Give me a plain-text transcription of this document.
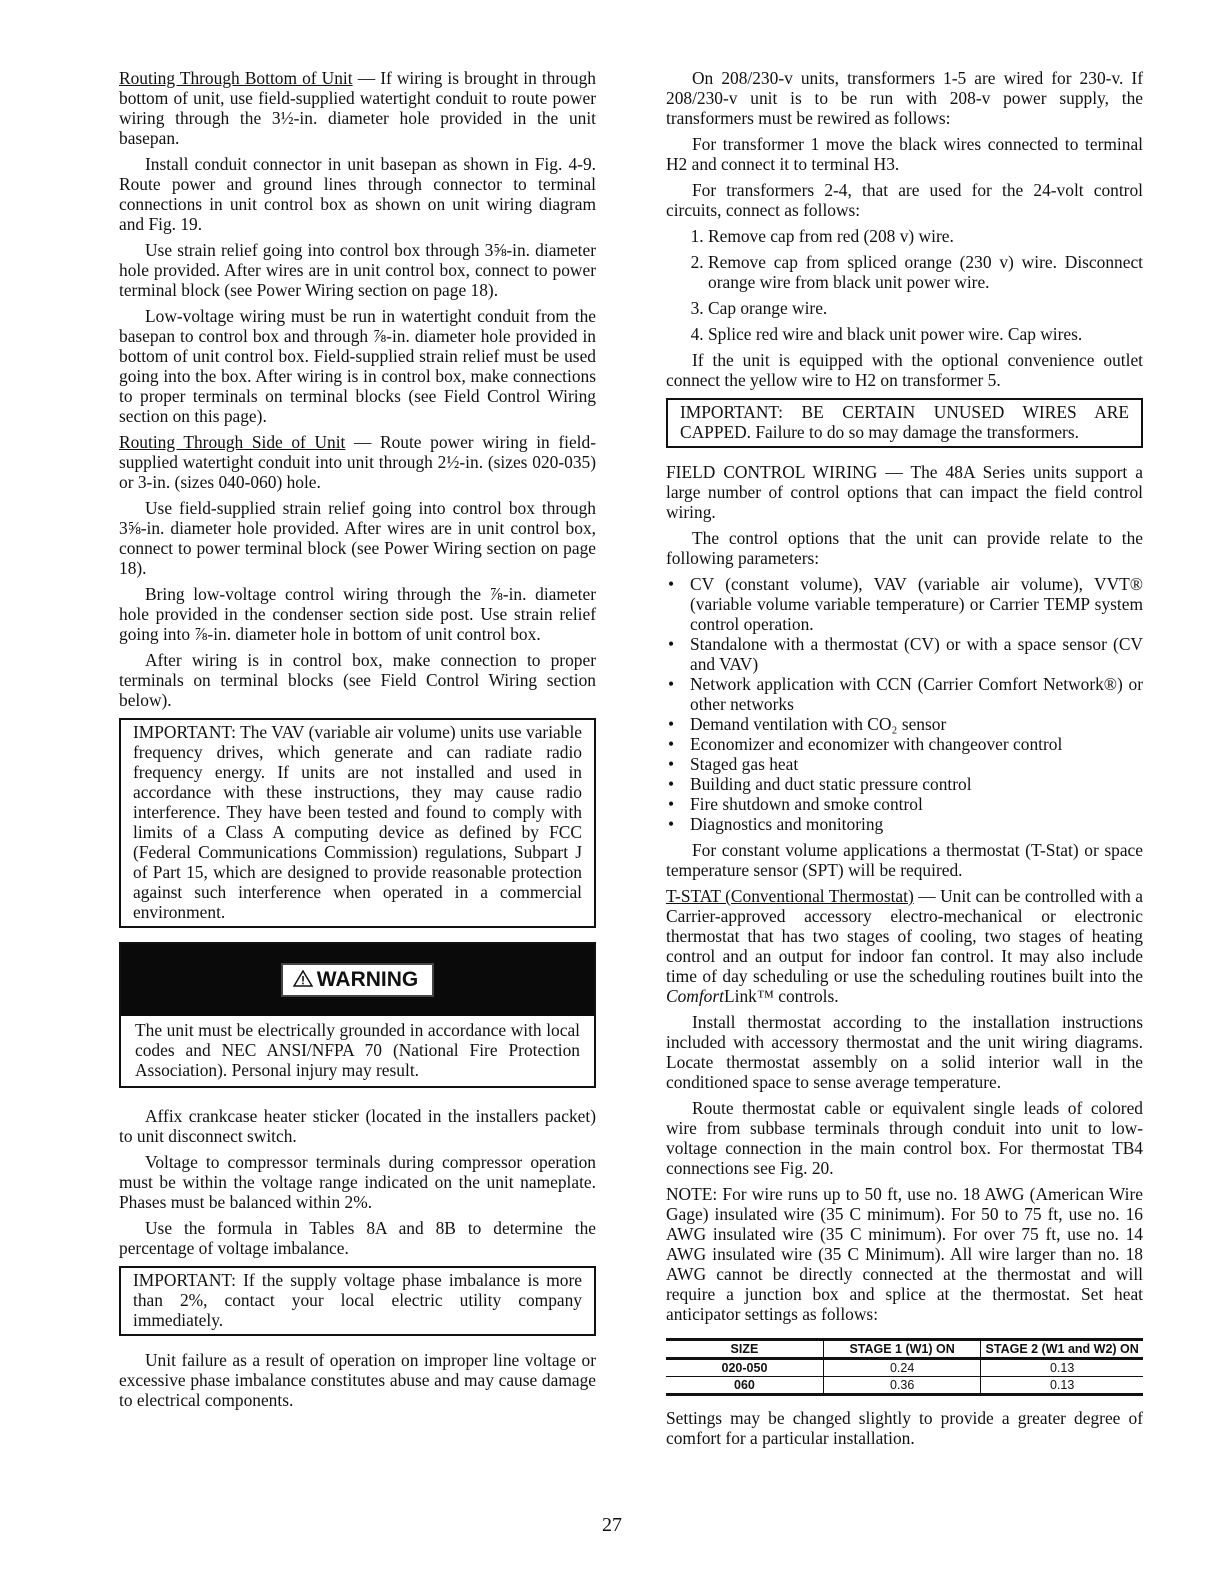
Routing Through Bottom of Unit — If wiring is brought in through bottom of unit, use field-supplied watertight conduit to route power wiring through the 3½-in. diameter hole provided in the unit basepan.

Install conduit connector in unit basepan as shown in Fig. 4-9. Route power and ground lines through connector to terminal connections in unit control box as shown on unit wiring diagram and Fig. 19.

Use strain relief going into control box through 3⅝-in. diameter hole provided. After wires are in unit control box, connect to power terminal block (see Power Wiring section on page 18).

Low-voltage wiring must be run in watertight conduit from the basepan to control box and through ⅞-in. diameter hole provided in bottom of unit control box. Field-supplied strain relief must be used going into the box. After wiring is in control box, make connections to proper terminals on terminal blocks (see Field Control Wiring section on this page).

Routing Through Side of Unit — Route power wiring in field-supplied watertight conduit into unit through 2½-in. (sizes 020-035) or 3-in. (sizes 040-060) hole.

Use field-supplied strain relief going into control box through 3⅝-in. diameter hole provided. After wires are in unit control box, connect to power terminal block (see Power Wiring section on page 18).

Bring low-voltage control wiring through the ⅞-in. diameter hole provided in the condenser section side post. Use strain relief going into ⅞-in. diameter hole in bottom of unit control box.

After wiring is in control box, make connection to proper terminals on terminal blocks (see Field Control Wiring section below).

IMPORTANT: The VAV (variable air volume) units use variable frequency drives, which generate and can radiate radio frequency energy. If units are not installed and used in accordance with these instructions, they may cause radio interference. They have been tested and found to comply with limits of a Class A computing device as defined by FCC (Federal Communications Commission) regulations, Subpart J of Part 15, which are designed to provide reasonable protection against such interference when operated in a commercial environment.

WARNING

The unit must be electrically grounded in accordance with local codes and NEC ANSI/NFPA 70 (National Fire Protection Association). Personal injury may result.

Affix crankcase heater sticker (located in the installers packet) to unit disconnect switch.

Voltage to compressor terminals during compressor operation must be within the voltage range indicated on the unit nameplate. Phases must be balanced within 2%.

Use the formula in Tables 8A and 8B to determine the percentage of voltage imbalance.

IMPORTANT: If the supply voltage phase imbalance is more than 2%, contact your local electric utility company immediately.

Unit failure as a result of operation on improper line voltage or excessive phase imbalance constitutes abuse and may cause damage to electrical components.

On 208/230-v units, transformers 1-5 are wired for 230-v. If 208/230-v unit is to be run with 208-v power supply, the transformers must be rewired as follows:

For transformer 1 move the black wires connected to terminal H2 and connect it to terminal H3.

For transformers 2-4, that are used for the 24-volt control circuits, connect as follows:

1. Remove cap from red (208 v) wire.
2. Remove cap from spliced orange (230 v) wire. Disconnect orange wire from black unit power wire.
3. Cap orange wire.
4. Splice red wire and black unit power wire. Cap wires.

If the unit is equipped with the optional convenience outlet connect the yellow wire to H2 on transformer 5.

IMPORTANT: BE CERTAIN UNUSED WIRES ARE CAPPED. Failure to do so may damage the transformers.

FIELD CONTROL WIRING — The 48A Series units support a large number of control options that can impact the field control wiring.

The control options that the unit can provide relate to the following parameters:

• CV (constant volume), VAV (variable air volume), VVT® (variable volume variable temperature) or Carrier TEMP system control operation.
• Standalone with a thermostat (CV) or with a space sensor (CV and VAV)
• Network application with CCN (Carrier Comfort Network®) or other networks
• Demand ventilation with CO₂ sensor
• Economizer and economizer with changeover control
• Staged gas heat
• Building and duct static pressure control
• Fire shutdown and smoke control
• Diagnostics and monitoring

For constant volume applications a thermostat (T-Stat) or space temperature sensor (SPT) will be required.

T-STAT (Conventional Thermostat) — Unit can be controlled with a Carrier-approved accessory electro-mechanical or electronic thermostat that has two stages of cooling, two stages of heating control and an output for indoor fan control. It may also include time of day scheduling or use the scheduling routines built into the ComfortLink™ controls.

Install thermostat according to the installation instructions included with accessory thermostat and the unit wiring diagrams. Locate thermostat assembly on a solid interior wall in the conditioned space to sense average temperature.

Route thermostat cable or equivalent single leads of colored wire from subbase terminals through conduit into unit to low-voltage connection in the main control box. For thermostat TB4 connections see Fig. 20.

NOTE: For wire runs up to 50 ft, use no. 18 AWG (American Wire Gage) insulated wire (35 C minimum). For 50 to 75 ft, use no. 16 AWG insulated wire (35 C minimum). For over 75 ft, use no. 14 AWG insulated wire (35 C Minimum). All wire larger than no. 18 AWG cannot be directly connected at the thermostat and will require a junction box and splice at the thermostat. Set heat anticipator settings as follows:

SIZE	STAGE 1 (W1) ON	STAGE 2 (W1 and W2) ON
020-050	0.24	0.13
060	0.36	0.13

Settings may be changed slightly to provide a greater degree of comfort for a particular installation.

27
